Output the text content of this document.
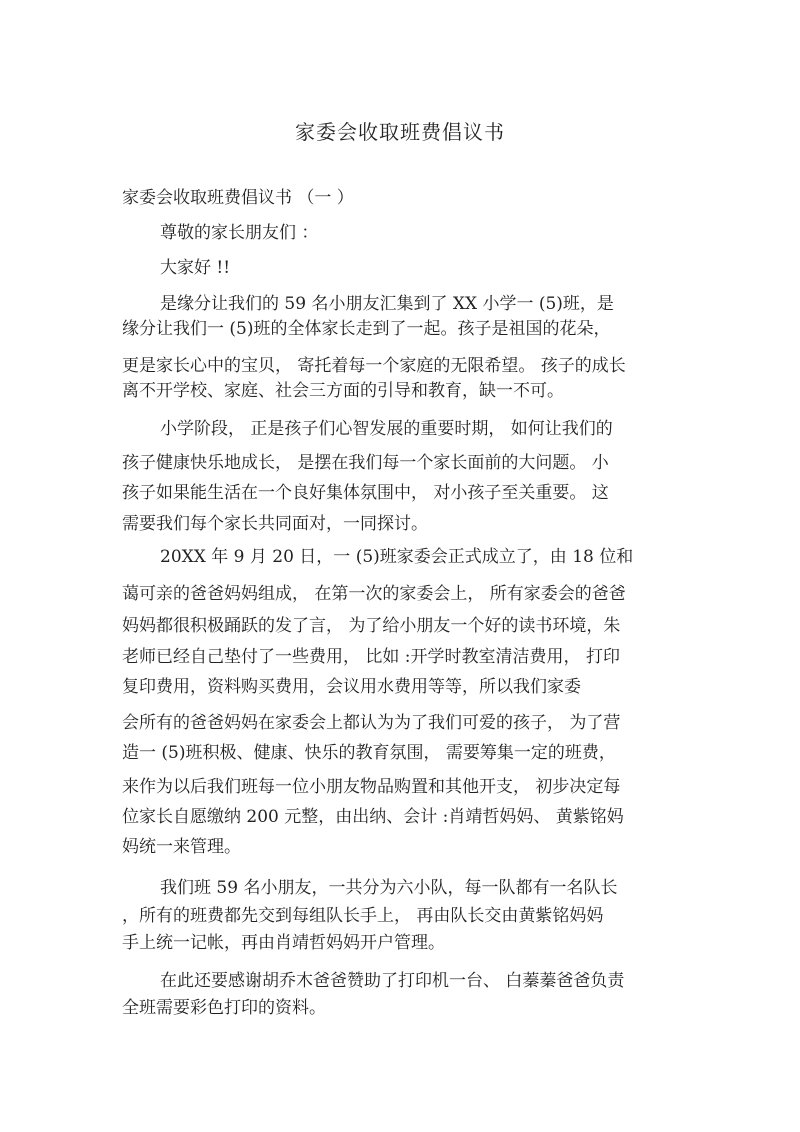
家委会收取班费倡议书
家委会收取班费倡议书 （一 ）
尊敬的家长朋友们 ：
大家好 !!
是缘分让我们的 59 名小朋友汇集到了 XX 小学一 (5)班，是
缘分让我们一 (5)班的全体家长走到了一起。孩子是祖国的花朵，
更是家长心中的宝贝， 寄托着每一个家庭的无限希望。 孩子的成长
离不开学校、家庭、社会三方面的引导和教育，缺一不可。
小学阶段， 正是孩子们心智发展的重要时期， 如何让我们的
孩子健康快乐地成长， 是摆在我们每一个家长面前的大问题。 小
孩子如果能生活在一个良好集体氛围中， 对小孩子至关重要。 这
需要我们每个家长共同面对，一同探讨。
20XX 年 9 月 20 日，一 (5)班家委会正式成立了，由 18 位和
蔼可亲的爸爸妈妈组成， 在第一次的家委会上， 所有家委会的爸爸
妈妈都很积极踊跃的发了言， 为了给小朋友一个好的读书环境，朱
老师已经自己垫付了一些费用， 比如 :开学时教室清洁费用， 打印
复印费用，资料购买费用，会议用水费用等等，所以我们家委
会所有的爸爸妈妈在家委会上都认为为了我们可爱的孩子， 为了营
造一 (5)班积极、健康、快乐的教育氛围， 需要筹集一定的班费，
来作为以后我们班每一位小朋友物品购置和其他开支， 初步决定每
位家长自愿缴纳 200 元整，由出纳、会计 :肖靖哲妈妈、 黄紫铭妈
妈统一来管理。
我们班 59 名小朋友，一共分为六小队，每一队都有一名队长
，所有的班费都先交到每组队长手上， 再由队长交由黄紫铭妈妈
手上统一记帐，再由肖靖哲妈妈开户管理。
在此还要感谢胡乔木爸爸赞助了打印机一台、 白蓁蓁爸爸负责
全班需要彩色打印的资料。
